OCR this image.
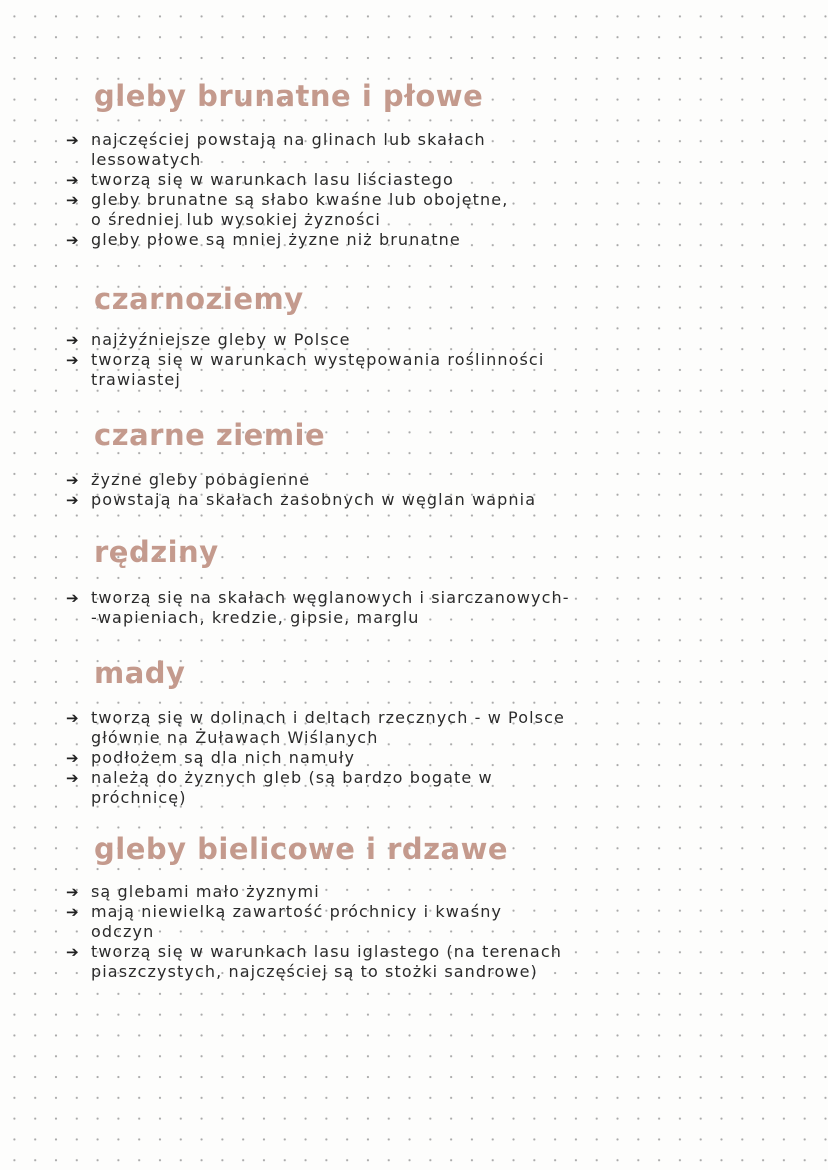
gleby brunatne i płowe
➔ najczęściej powstają na glinach lub skałach
lessowatych
➔ tworzą się w warunkach lasu liściastego
➔ gleby brunatne są słabo kwaśne lub obojętne,
o średniej lub wysokiej żyzności
➔ gleby płowe są mniej żyzne niż brunatne
czarnoziemy
➔ najżyźniejsze gleby w Polsce
➔ tworzą się w warunkach występowania roślinności
trawiastej
czarne ziemie
➔ żyzne gleby pobagienne
➔ powstają na skałach zasobnych w węglan wapnia
rędziny
➔ tworzą się na skałach węglanowych i siarczanowych-
-wapieniach, kredzie, gipsie, marglu
mady
➔ tworzą się w dolinach i deltach rzecznych - w Polsce
głównie na Żuławach Wiślanych
➔ podłożem są dla nich namuły
➔ należą do żyznych gleb (są bardzo bogate w
próchnicę)
gleby bielicowe i rdzawe
➔ są glebami mało żyznymi
➔ mają niewielką zawartość próchnicy i kwaśny
odczyn
➔ tworzą się w warunkach lasu iglastego (na terenach
piaszczystych, najczęściej są to stożki sandrowe)
